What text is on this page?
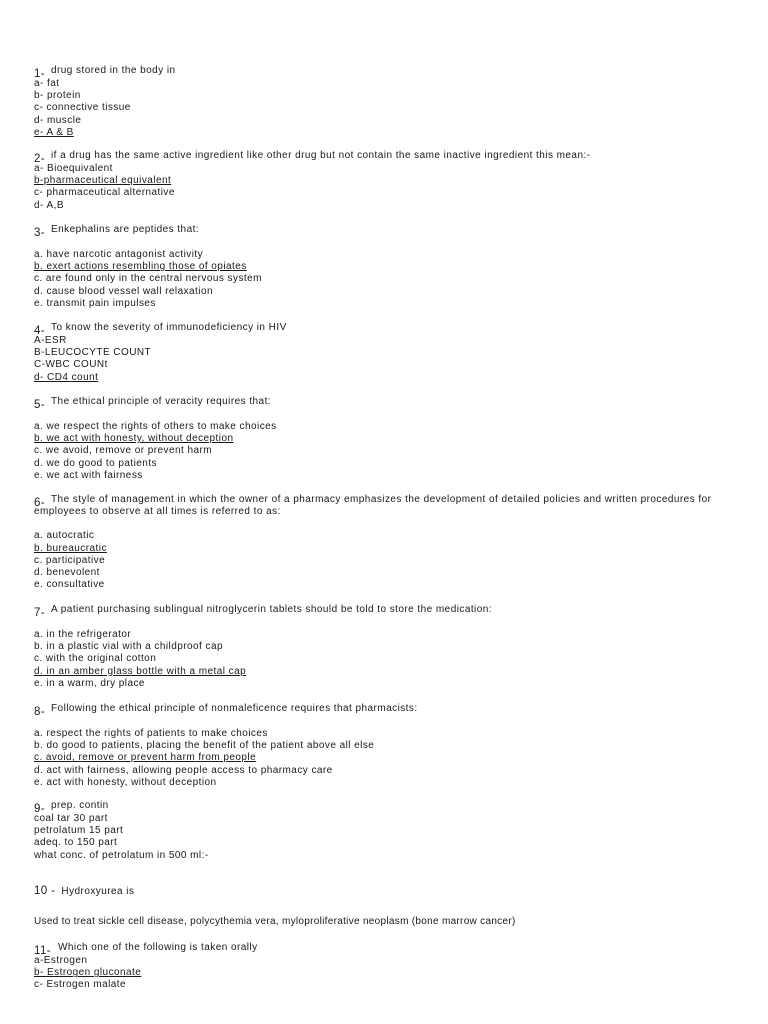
1- drug stored in the body in
a- fat
b- protein
c- connective tissue
d- muscle
e- A & B
2- if a drug has the same active ingredient like other drug but not contain the same inactive ingredient this mean:-
a- Bioequivalent
b-pharmaceutical equivalent
c- pharmaceutical alternative
d- A,B
3- Enkephalins are peptides that:
a. have narcotic antagonist activity
b. exert actions resembling those of opiates
c. are found only in the central nervous system
d. cause blood vessel wall relaxation
e. transmit pain impulses
4- To know the severity of immunodeficiency in HIV
A-ESR
B-LEUCOCYTE COUNT
C-WBC COUNt
d- CD4 count
5- The ethical principle of veracity requires that:
a. we respect the rights of others to make choices
b. we act with honesty, without deception
c. we avoid, remove or prevent harm
d. we do good to patients
e. we act with fairness
6- The style of management in which the owner of a pharmacy emphasizes the development of detailed policies and written procedures for employees to observe at all times is referred to as:
a. autocratic
b. bureaucratic
c. participative
d. benevolent
e. consultative
7- A patient purchasing sublingual nitroglycerin tablets should be told to store the medication:
a. in the refrigerator
b. in a plastic vial with a childproof cap
c. with the original cotton
d. in an amber glass bottle with a metal cap
e. in a warm, dry place
8- Following the ethical principle of nonmaleficence requires that pharmacists:
a. respect the rights of patients to make choices
b. do good to patients, placing the benefit of the patient above all else
c. avoid, remove or prevent harm from people
d. act with fairness, allowing people access to pharmacy care
e. act with honesty, without deception
9- prep. contin
coal tar 30 part
petrolatum 15 part
adeq. to 150 part
what conc. of petrolatum in 500 ml:-
10 - Hydroxyurea is
Used to treat sickle cell disease, polycythemia vera, myloproliferative neoplasm (bone marrow cancer)
11- Which one of the following is taken orally
a-Estrogen
b- Estrogen gluconate
c- Estrogen malate
